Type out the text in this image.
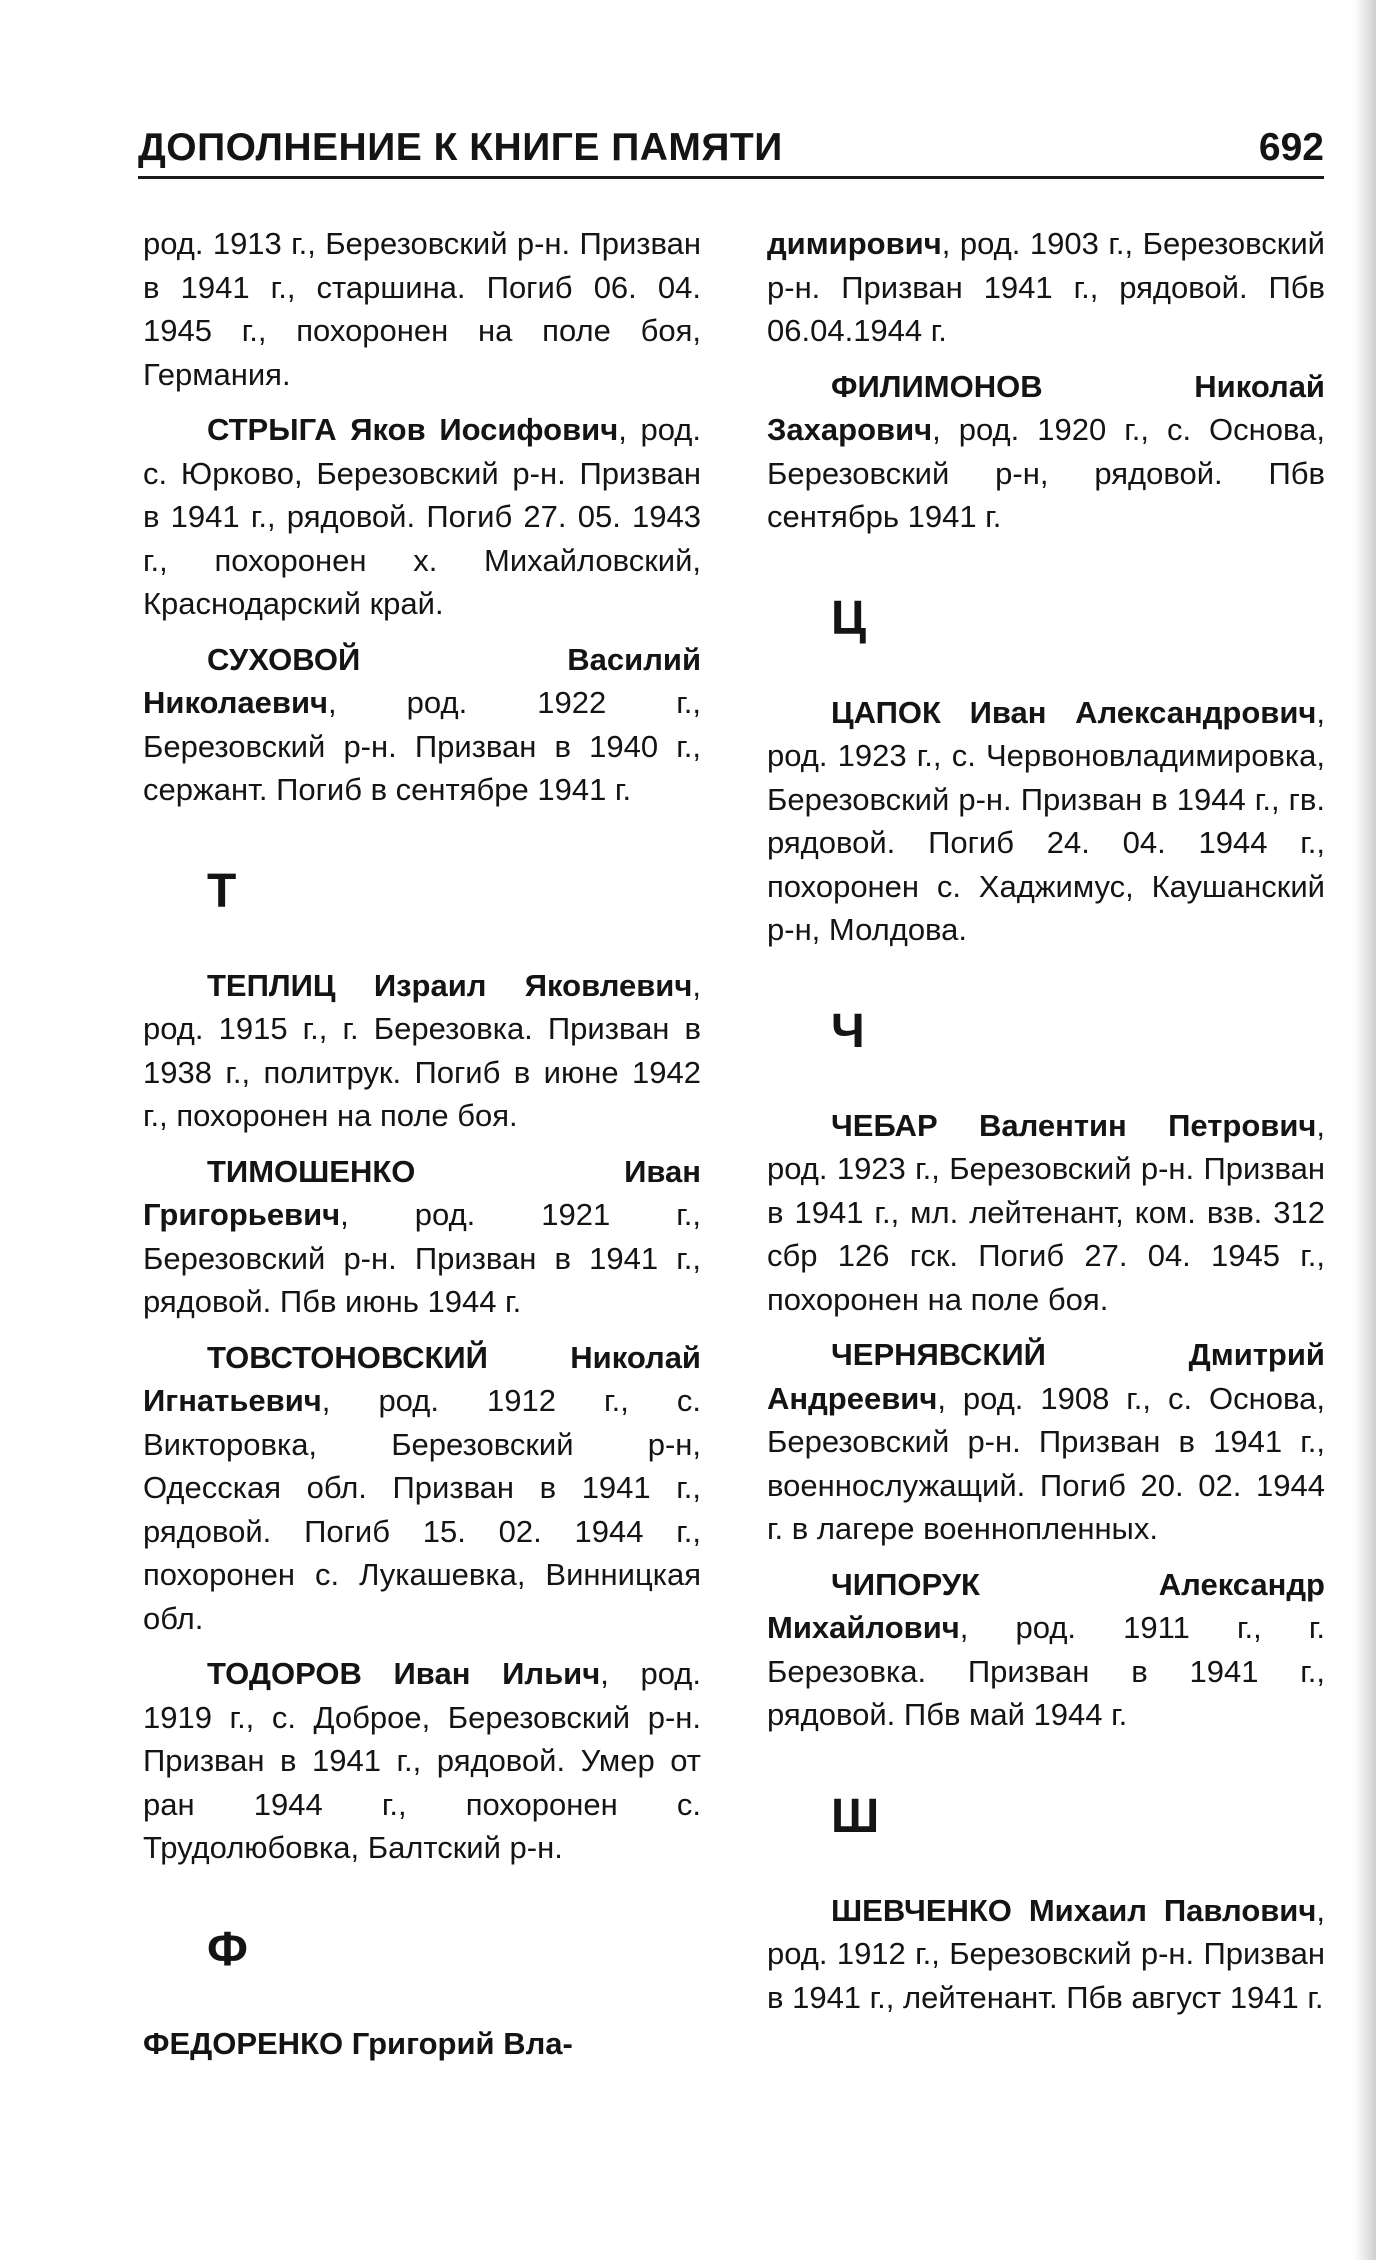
ДОПОЛНЕНИЕ К КНИГЕ ПАМЯТИ	692

род. 1913 г., Березовский р-н. Призван в 1941 г., старшина. Погиб 06. 04. 1945 г., похоронен на поле боя, Германия.

СТРЫГА Яков Иосифович, род. с. Юрково, Березовский р-н. Призван в 1941 г., рядовой. Погиб 27. 05. 1943 г., похоронен х. Михайловский, Краснодарский край.

СУХОВОЙ Василий Николаевич, род. 1922 г., Березовский р-н. Призван в 1940 г., сержант. Погиб в сентябре 1941 г.

Т

ТЕПЛИЦ Израил Яковлевич, род. 1915 г., г. Березовка. Призван в 1938 г., политрук. Погиб в июне 1942 г., похоронен на поле боя.

ТИМОШЕНКО Иван Григорьевич, род. 1921 г., Березовский р-н. Призван в 1941 г., рядовой. Пбв июнь 1944 г.

ТОВСТОНОВСКИЙ Николай Игнатьевич, род. 1912 г., с. Викторовка, Березовский р-н, Одесская обл. Призван в 1941 г., рядовой. Погиб 15. 02. 1944 г., похоронен с. Лукашевка, Винницкая обл.

ТОДОРОВ Иван Ильич, род. 1919 г., с. Доброе, Березовский р-н. Призван в 1941 г., рядовой. Умер от ран 1944 г., похоронен с. Трудолюбовка, Балтский р-н.

Ф

ФЕДОРЕНКО Григорий Вла-

димирович, род. 1903 г., Березовский р-н. Призван 1941 г., рядовой. Пбв 06.04.1944 г.

ФИЛИМОНОВ Николай Захарович, род. 1920 г., с. Основа, Березовский р-н, рядовой. Пбв сентябрь 1941 г.

Ц

ЦАПОК Иван Александрович, род. 1923 г., с. Червоновладимировка, Березовский р-н. Призван в 1944 г., гв. рядовой. Погиб 24. 04. 1944 г., похоронен с. Хаджимус, Каушанский р-н, Молдова.

Ч

ЧЕБАР Валентин Петрович, род. 1923 г., Березовский р-н. Призван в 1941 г., мл. лейтенант, ком. взв. 312 сбр 126 гск. Погиб 27. 04. 1945 г., похоронен на поле боя.

ЧЕРНЯВСКИЙ Дмитрий Андреевич, род. 1908 г., с. Основа, Березовский р-н. Призван в 1941 г., военнослужащий. Погиб 20. 02. 1944 г. в лагере военнопленных.

ЧИПОРУК Александр Михайлович, род. 1911 г., г. Березовка. Призван в 1941 г., рядовой. Пбв май 1944 г.

Ш

ШЕВЧЕНКО Михаил Павлович, род. 1912 г., Березовский р-н. Призван в 1941 г., лейтенант. Пбв август 1941 г.
